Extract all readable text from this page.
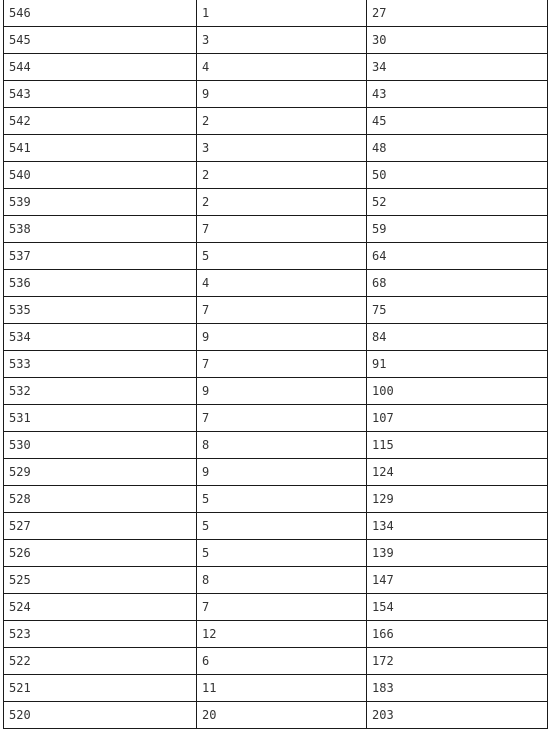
546	1	27
545	3	30
544	4	34
543	9	43
542	2	45
541	3	48
540	2	50
539	2	52
538	7	59
537	5	64
536	4	68
535	7	75
534	9	84
533	7	91
532	9	100
531	7	107
530	8	115
529	9	124
528	5	129
527	5	134
526	5	139
525	8	147
524	7	154
523	12	166
522	6	172
521	11	183
520	20	203
